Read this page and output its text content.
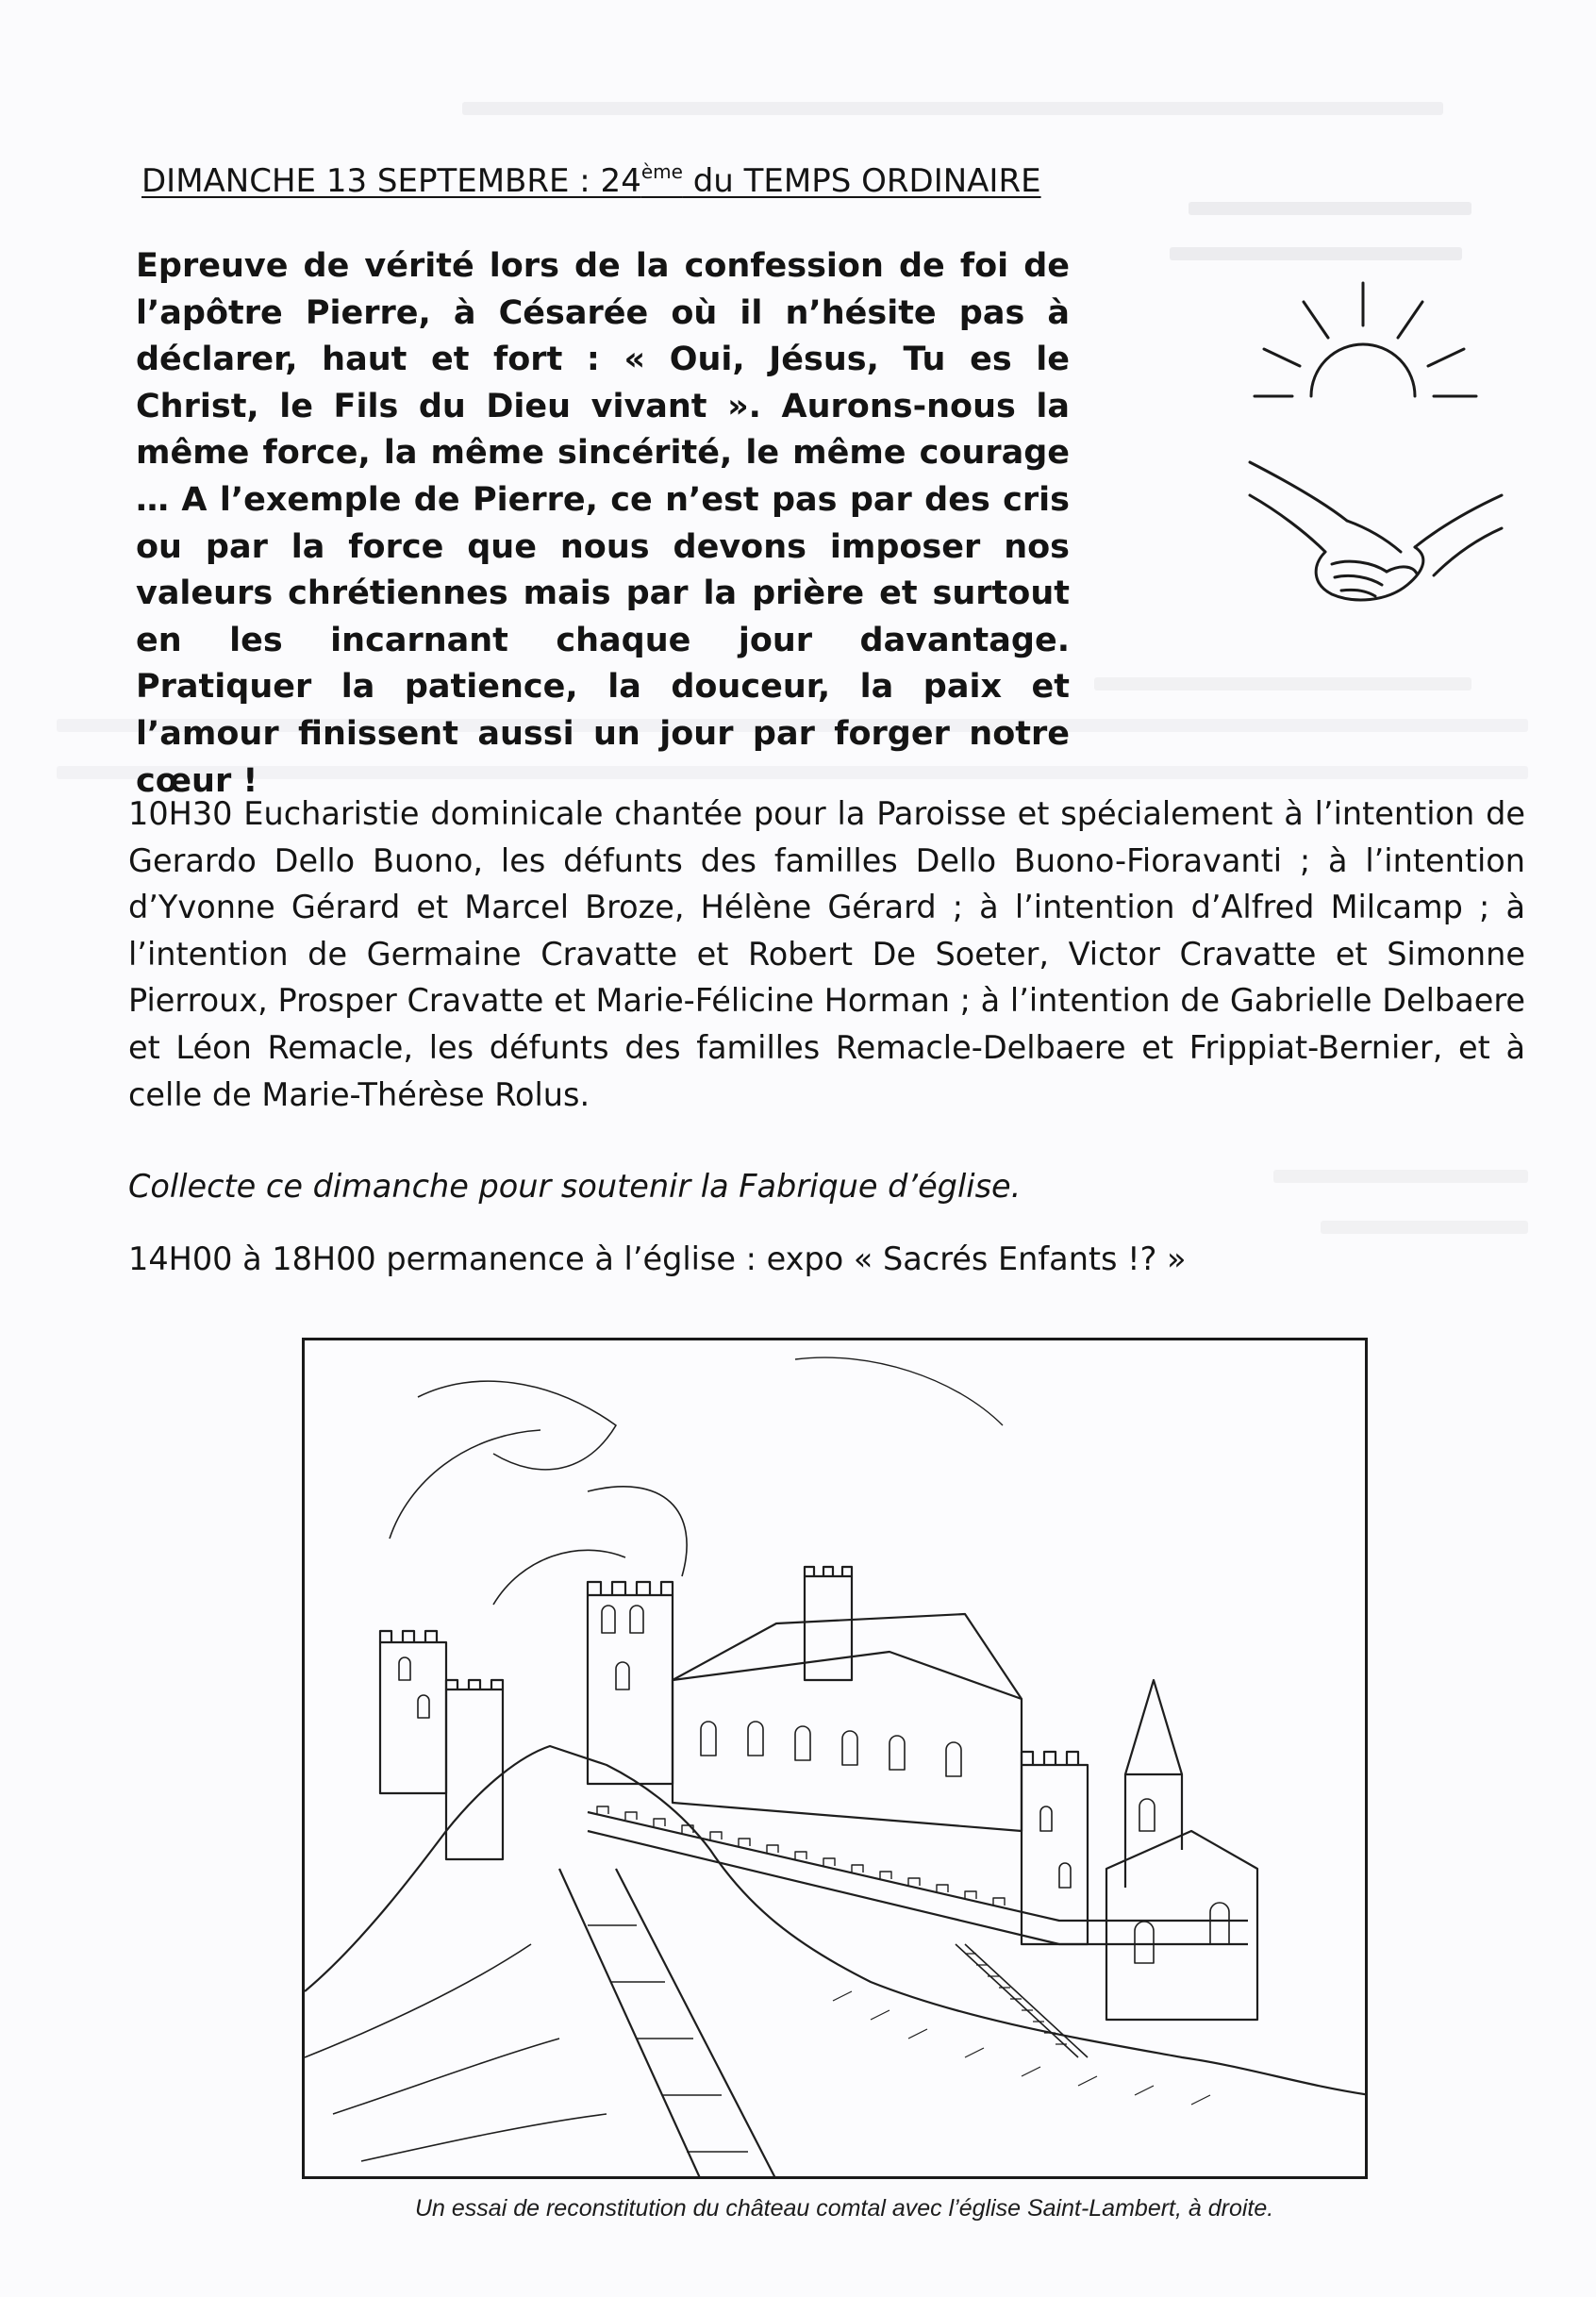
DIMANCHE 13 SEPTEMBRE : 24ème du TEMPS ORDINAIRE
Epreuve de vérité lors de la confession de foi de l’apôtre Pierre, à Césarée où il n’hésite pas à déclarer, haut et fort : « Oui, Jésus, Tu es le Christ, le Fils du Dieu vivant ». Aurons-nous la même force, la même sincérité, le même courage … A l’exemple de Pierre, ce n’est pas par des cris ou par la force que nous devons imposer nos valeurs chrétiennes mais par la prière et surtout en les incarnant chaque jour davantage. Pratiquer la patience, la douceur, la paix et l’amour finissent aussi un jour par forger notre cœur !
10H30 Eucharistie dominicale chantée pour la Paroisse et spécialement à l’intention de Gerardo Dello Buono, les défunts des familles Dello Buono-Fioravanti ; à l’intention d’Yvonne Gérard et Marcel Broze, Hélène Gérard ; à l’intention d’Alfred Milcamp ; à l’intention de Germaine Cravatte et Robert De Soeter, Victor Cravatte et Simonne Pierroux, Prosper Cravatte et Marie-Félicine Horman ; à l’intention de Gabrielle Delbaere et Léon Remacle, les défunts des familles Remacle-Delbaere et Frippiat-Bernier, et à celle de Marie-Thérèse Rolus.
Collecte ce dimanche pour soutenir la Fabrique d’église.
14H00 à 18H00 permanence à l’église : expo « Sacrés Enfants !? »
Un essai de reconstitution du château comtal avec l’église Saint-Lambert, à droite.
